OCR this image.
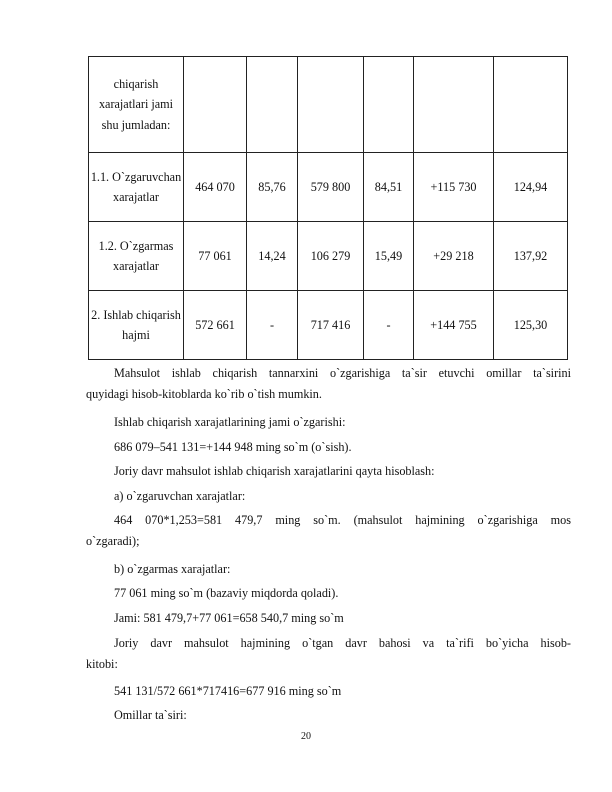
chiqarish xarajatlari jami shu jumladan:						
1.1. O`zgaruvchan xarajatlar	464 070	85,76	579 800	84,51	+115 730	124,94
1.2. O`zgarmas xarajatlar	77 061	14,24	106 279	15,49	+29 218	137,92
2. Ishlab chiqarish hajmi	572 661	-	717 416	-	+144 755	125,30
Mahsulot ishlab chiqarish tannarxini o`zgarishiga ta`sir etuvchi omillar ta`sirini
quyidagi hisob-kitoblarda ko`rib o`tish mumkin.
Ishlab chiqarish xarajatlarining jami o`zgarishi:
686 079–541 131=+144 948 ming so`m (o`sish).
Joriy davr mahsulot ishlab chiqarish xarajatlarini qayta hisoblash:
a) o`zgaruvchan xarajatlar:
464 070*1,253=581 479,7 ming so`m. (mahsulot hajmining o`zgarishiga mos
o`zgaradi);
b) o`zgarmas xarajatlar:
77 061 ming so`m (bazaviy miqdorda qoladi).
Jami: 581 479,7+77 061=658 540,7 ming so`m
Joriy davr mahsulot hajmining o`tgan davr bahosi va ta`rifi bo`yicha hisob-
kitobi:
541 131/572 661*717416=677 916 ming so`m
Omillar ta`siri:
20
